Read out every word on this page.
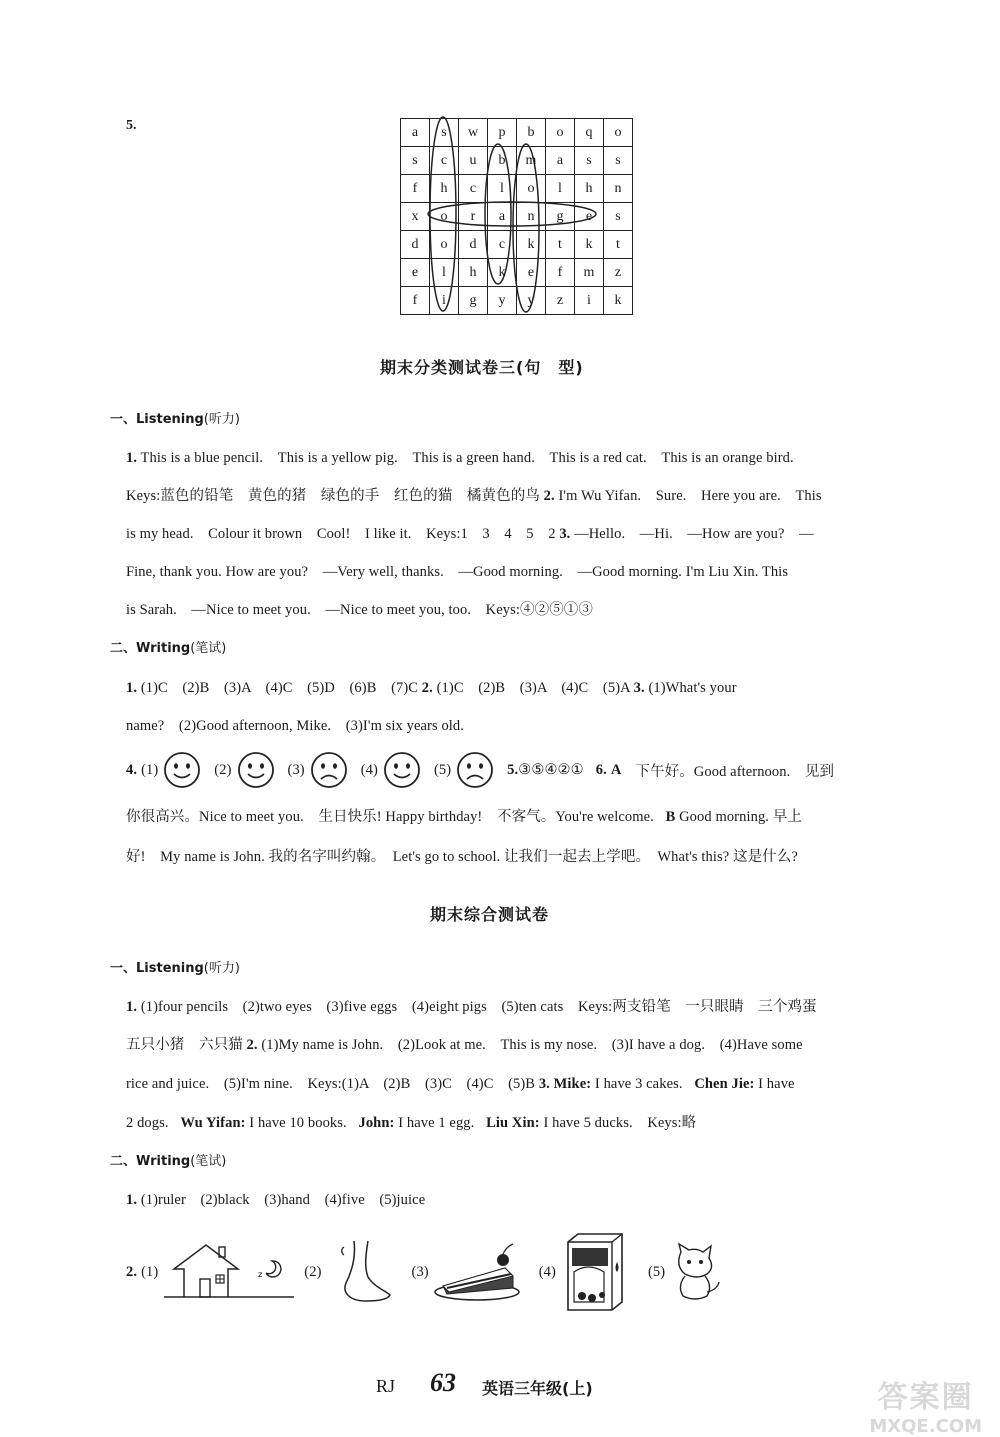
5.	a	s	w	p	b	o	q	o
s	c	u	b	m	a	s	s
f	h	c	l	o	l	h	n
x	o	r	a	n	g	e	s
d	o	d	c	k	t	k	t
e	l	h	k	e	f	m	z
f	i	g	y	y	z	i	k
期末分类测试卷三(句　型)
一、Listening(听力)
1. This is a blue pencil.　This is a yellow pig.　This is a green hand.　This is a red cat.　This is an orange bird.
Keys:蓝色的铅笔　黄色的猪　绿色的手　红色的猫　橘黄色的鸟 2. I'm Wu Yifan.　Sure.　Here you are.　This
is my head.　Colour it brown　Cool!　I like it.　Keys:1　3　4　5　2 3. —Hello.　—Hi.　—How are you?　—
Fine, thank you. How are you?　—Very well, thanks.　—Good morning.　—Good morning. I'm Liu Xin. This
is Sarah.　—Nice to meet you.　—Nice to meet you, too.　Keys:④②⑤①③
二、Writing(笔试)
1. (1)C　(2)B　(3)A　(4)C　(5)D　(6)B　(7)C 2. (1)C　(2)B　(3)A　(4)C　(5)A 3. (1)What's your
name?　(2)Good afternoon, Mike.　(3)I'm six years old.
4. (1)	(2)	(3)	(4)	(5)	5. ③⑤④②① 6. A 下午好。Good afternoon.　见到
你很高兴。Nice to meet you.　生日快乐! Happy birthday!　不客气。You're welcome. B Good morning. 早上
好!　My name is John. 我的名字叫约翰。　Let's go to school. 让我们一起去上学吧。　What's this? 这是什么?
期末综合测试卷
一、Listening(听力)
1. (1)four pencils　(2)two eyes　(3)five eggs　(4)eight pigs　(5)ten cats　Keys:两支铅笔　一只眼睛　三个鸡蛋
五只小猪　六只猫 2. (1)My name is John.　(2)Look at me.　This is my nose.　(3)I have a dog.　(4)Have some
rice and juice.　(5)I'm nine.　Keys:(1)A　(2)B　(3)C　(4)C　(5)B 3. Mike: I have 3 cakes. Chen Jie: I have
2 dogs. Wu Yifan: I have 10 books. John: I have 1 egg. Liu Xin: I have 5 ducks.　Keys:略
二、Writing(笔试)
1. (1)ruler　(2)black　(3)hand　(4)five　(5)juice
2. (1)	z	(2)	(3)	(4)	(5)
RJ 63 英语三年级(上)	答案圈
MXQE.COM
